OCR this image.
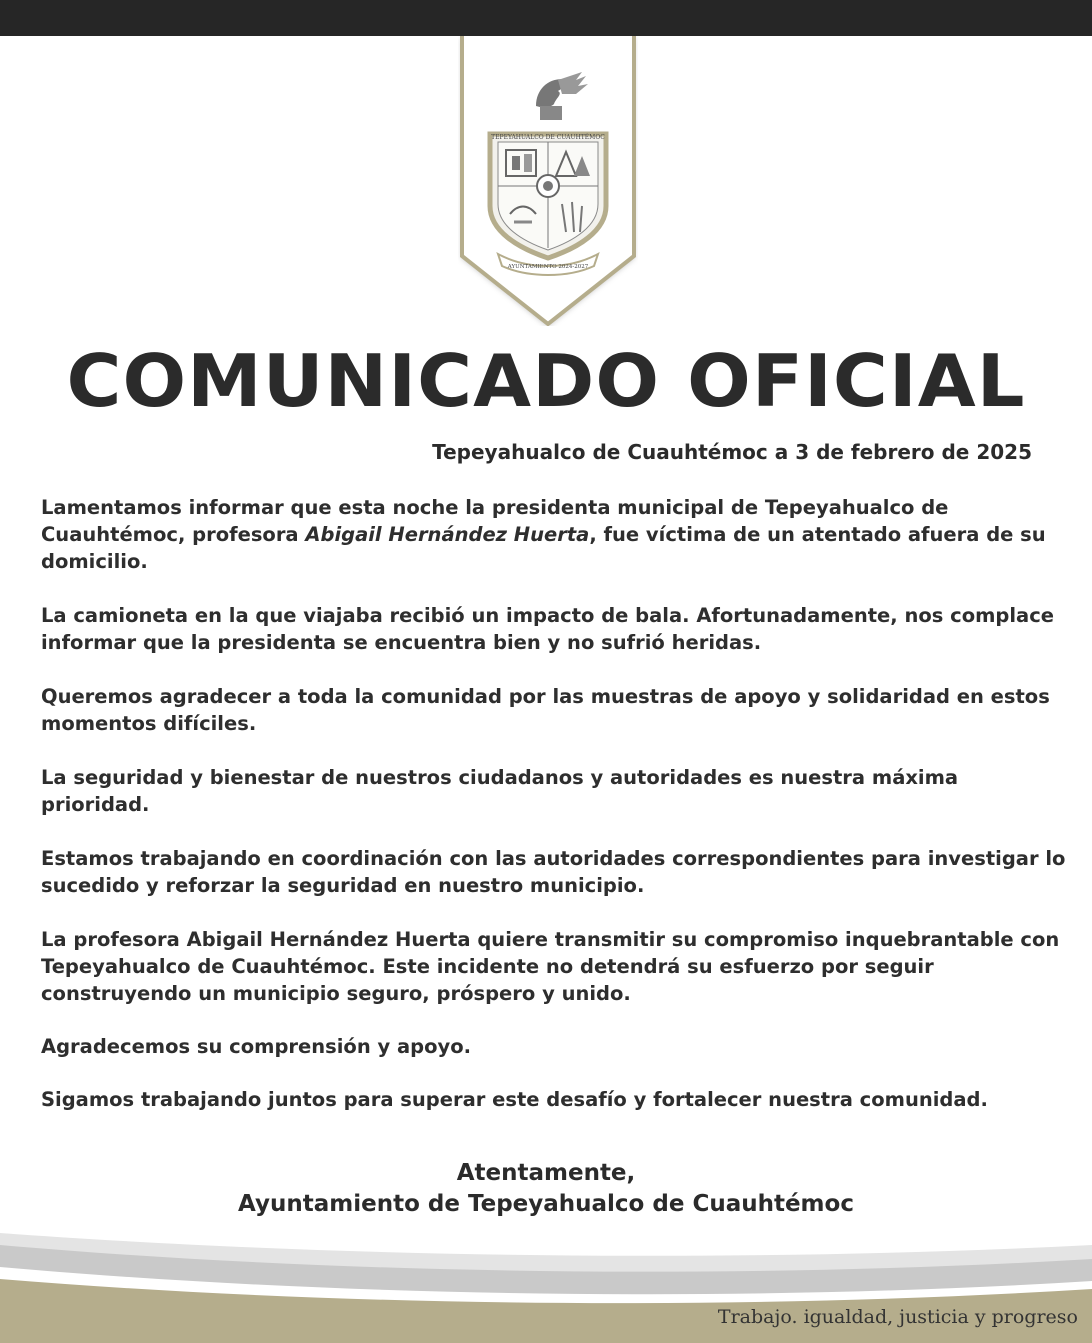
TEPEYAHUALCO DE CUAUHTÉMOC
AYUNTAMIENTO 2024-2027
COMUNICADO OFICIAL
Tepeyahualco de Cuauhtémoc a 3 de febrero de 2025

Lamentamos informar que esta noche la presidenta municipal de Tepeyahualco de Cuauhtémoc, profesora Abigail Hernández Huerta, fue víctima de un atentado afuera de su domicilio.

La camioneta en la que viajaba recibió un impacto de bala. Afortunadamente, nos complace informar que la presidenta se encuentra bien y no sufrió heridas.

Queremos agradecer a toda la comunidad por las muestras de apoyo y solidaridad en estos momentos difíciles.

La seguridad y bienestar de nuestros ciudadanos y autoridades es nuestra máxima prioridad.

Estamos trabajando en coordinación con las autoridades correspondientes para investigar lo sucedido y reforzar la seguridad en nuestro municipio.

La profesora Abigail Hernández Huerta quiere transmitir su compromiso inquebrantable con Tepeyahualco de Cuauhtémoc. Este incidente no detendrá su esfuerzo por seguir construyendo un municipio seguro, próspero y unido.

Agradecemos su comprensión y apoyo.

Sigamos trabajando juntos para superar este desafío y fortalecer nuestra comunidad.

Atentamente,
Ayuntamiento de Tepeyahualco de Cuauhtémoc
Trabajo. igualdad, justicia y progreso
